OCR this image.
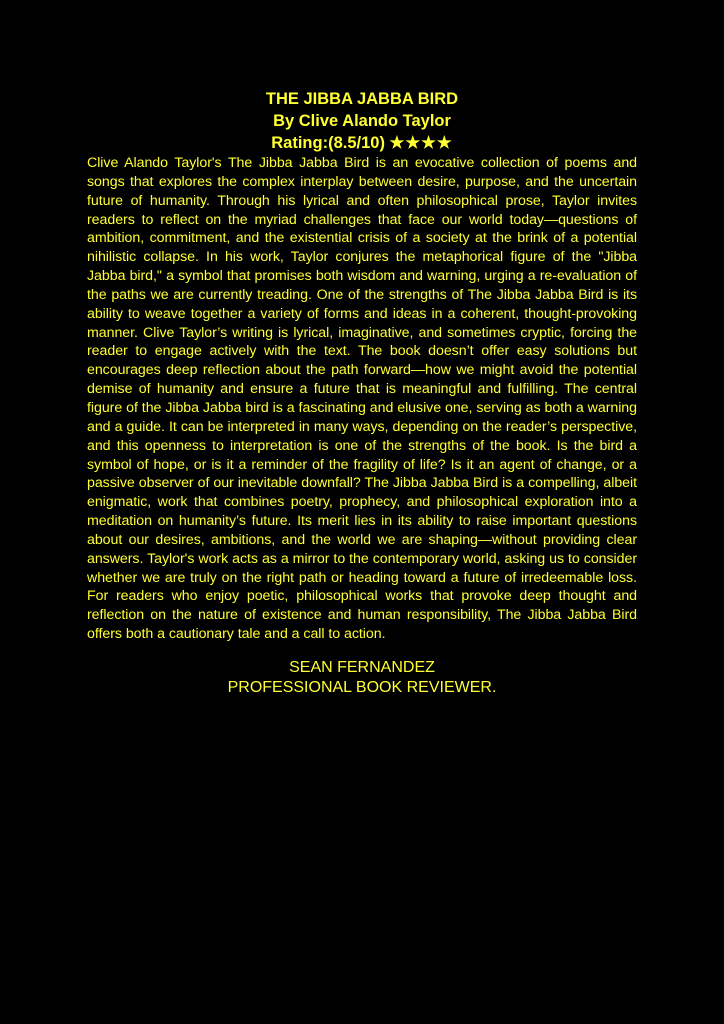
THE JIBBA JABBA BIRD
By Clive Alando Taylor
Rating:(8.5/10) ★★★★
Clive Alando Taylor's The Jibba Jabba Bird is an evocative collection of poems and songs that explores the complex interplay between desire, purpose, and the uncertain future of humanity. Through his lyrical and often philosophical prose, Taylor invites readers to reflect on the myriad challenges that face our world today—questions of ambition, commitment, and the existential crisis of a society at the brink of a potential nihilistic collapse. In his work, Taylor conjures the metaphorical figure of the "Jibba Jabba bird," a symbol that promises both wisdom and warning, urging a re-evaluation of the paths we are currently treading. One of the strengths of The Jibba Jabba Bird is its ability to weave together a variety of forms and ideas in a coherent, thought-provoking manner. Clive Taylor’s writing is lyrical, imaginative, and sometimes cryptic, forcing the reader to engage actively with the text. The book doesn’t offer easy solutions but encourages deep reflection about the path forward—how we might avoid the potential demise of humanity and ensure a future that is meaningful and fulfilling. The central figure of the Jibba Jabba bird is a fascinating and elusive one, serving as both a warning and a guide. It can be interpreted in many ways, depending on the reader’s perspective, and this openness to interpretation is one of the strengths of the book. Is the bird a symbol of hope, or is it a reminder of the fragility of life? Is it an agent of change, or a passive observer of our inevitable downfall? The Jibba Jabba Bird is a compelling, albeit enigmatic, work that combines poetry, prophecy, and philosophical exploration into a meditation on humanity’s future. Its merit lies in its ability to raise important questions about our desires, ambitions, and the world we are shaping—without providing clear answers. Taylor's work acts as a mirror to the contemporary world, asking us to consider whether we are truly on the right path or heading toward a future of irredeemable loss. For readers who enjoy poetic, philosophical works that provoke deep thought and reflection on the nature of existence and human responsibility, The Jibba Jabba Bird offers both a cautionary tale and a call to action.
SEAN FERNANDEZ
PROFESSIONAL BOOK REVIEWER.
